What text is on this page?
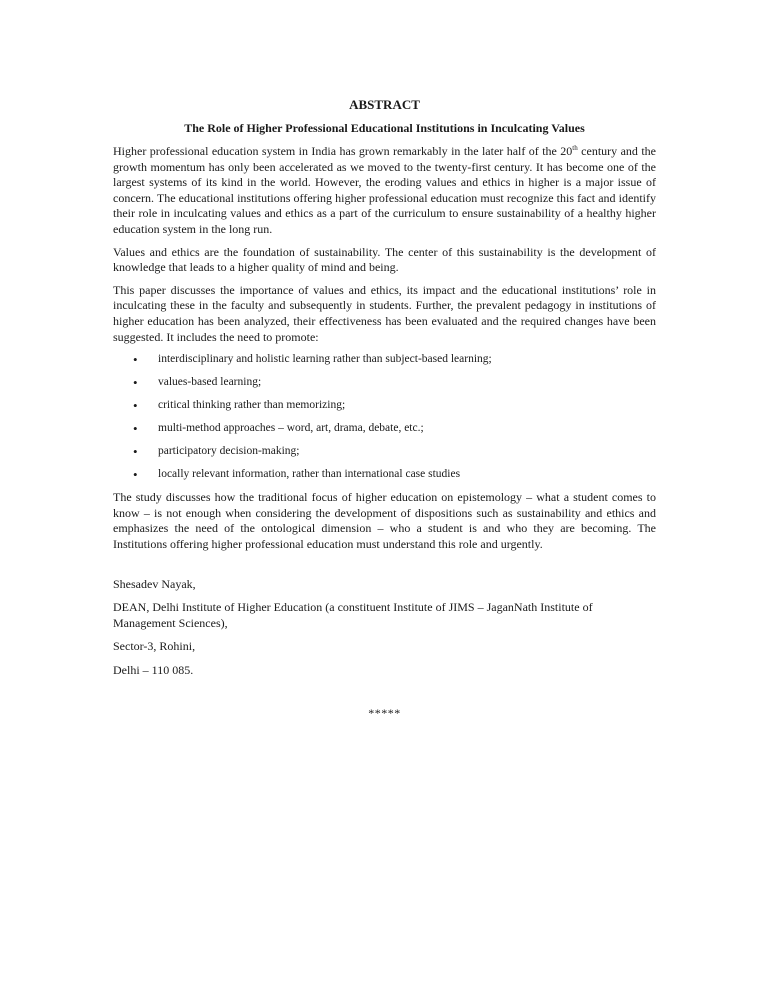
ABSTRACT
The Role of Higher Professional Educational Institutions in Inculcating Values

Higher professional education system in India has grown remarkably in the later half of the 20th century and the growth momentum has only been accelerated as we moved to the twenty-first century. It has become one of the largest systems of its kind in the world. However, the eroding values and ethics in higher is a major issue of concern. The educational institutions offering higher professional education must recognize this fact and identify their role in inculcating values and ethics as a part of the curriculum to ensure sustainability of a healthy higher education system in the long run.

Values and ethics are the foundation of sustainability. The center of this sustainability is the development of knowledge that leads to a higher quality of mind and being.

This paper discusses the importance of values and ethics, its impact and the educational institutions’ role in inculcating these in the faculty and subsequently in students. Further, the prevalent pedagogy in institutions of higher education has been analyzed, their effectiveness has been evaluated and the required changes have been suggested. It includes the need to promote:

• interdisciplinary and holistic learning rather than subject-based learning;
• values-based learning;
• critical thinking rather than memorizing;
• multi-method approaches – word, art, drama, debate, etc.;
• participatory decision-making;
• locally relevant information, rather than international case studies

The study discusses how the traditional focus of higher education on epistemology – what a student comes to know – is not enough when considering the development of dispositions such as sustainability and ethics and emphasizes the need of the ontological dimension – who a student is and who they are becoming. The Institutions offering higher professional education must understand this role and urgently.

Shesadev Nayak,

DEAN, Delhi Institute of Higher Education (a constituent Institute of JIMS – JaganNath Institute of Management Sciences),

Sector-3, Rohini,

Delhi – 110 085.

*****
